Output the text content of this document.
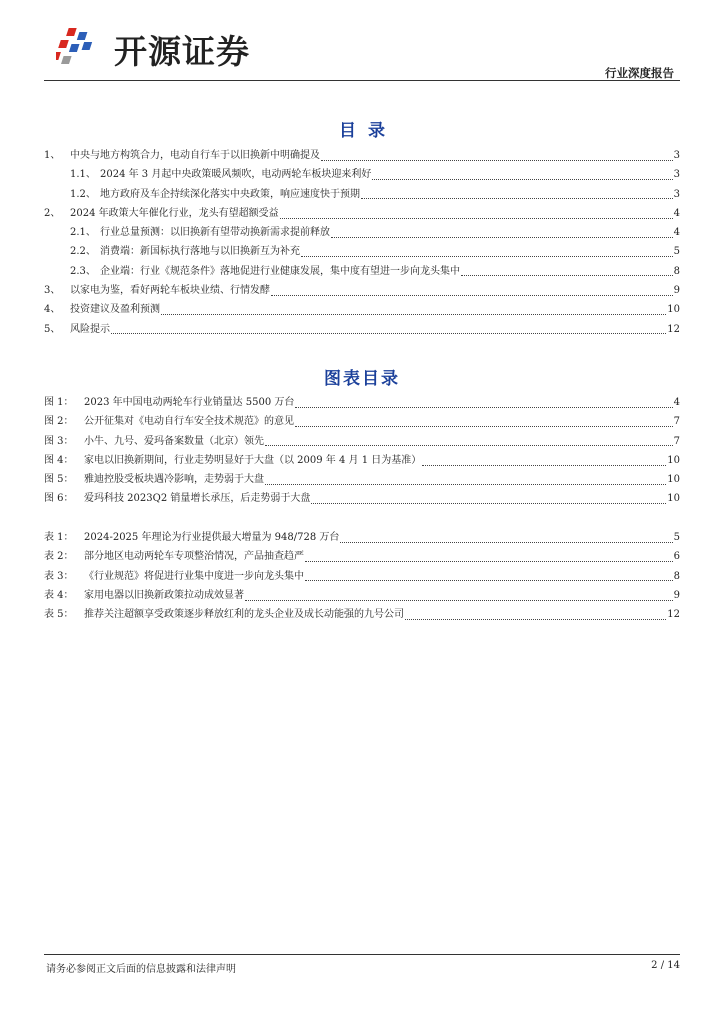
开源证券
行业深度报告
目录
1、 中央与地方构筑合力，电动自行车于以旧换新中明确提及	3
1.1、 2024 年 3 月起中央政策暖风频吹，电动两轮车板块迎来利好	3
1.2、 地方政府及车企持续深化落实中央政策，响应速度快于预期	3
2、 2024 年政策大年催化行业，龙头有望超额受益	4
2.1、 行业总量预测：以旧换新有望带动换新需求提前释放	4
2.2、 消费端：新国标执行落地与以旧换新互为补充	5
2.3、 企业端：行业《规范条件》落地促进行业健康发展，集中度有望进一步向龙头集中	8
3、 以家电为鉴，看好两轮车板块业绩、行情发酵	9
4、 投资建议及盈利预测	10
5、 风险提示	12
图表目录
图 1：	2023 年中国电动两轮车行业销量达 5500 万台	4
图 2：	公开征集对《电动自行车安全技术规范》的意见	7
图 3：	小牛、九号、爱玛备案数量（北京）领先	7
图 4：	家电以旧换新期间，行业走势明显好于大盘（以 2009 年 4 月 1 日为基准）	10
图 5：	雅迪控股受板块遇冷影响，走势弱于大盘	10
图 6：	爱玛科技 2023Q2 销量增长承压，后走势弱于大盘	10
表 1：	2024-2025 年理论为行业提供最大增量为 948/728 万台	5
表 2：	部分地区电动两轮车专项整治情况，产品抽查趋严	6
表 3：	《行业规范》将促进行业集中度进一步向龙头集中	8
表 4：	家用电器以旧换新政策拉动成效显著	9
表 5：	推荐关注超额享受政策逐步释放红利的龙头企业及成长动能强的九号公司	12
请务必参阅正文后面的信息披露和法律声明	2 / 14
